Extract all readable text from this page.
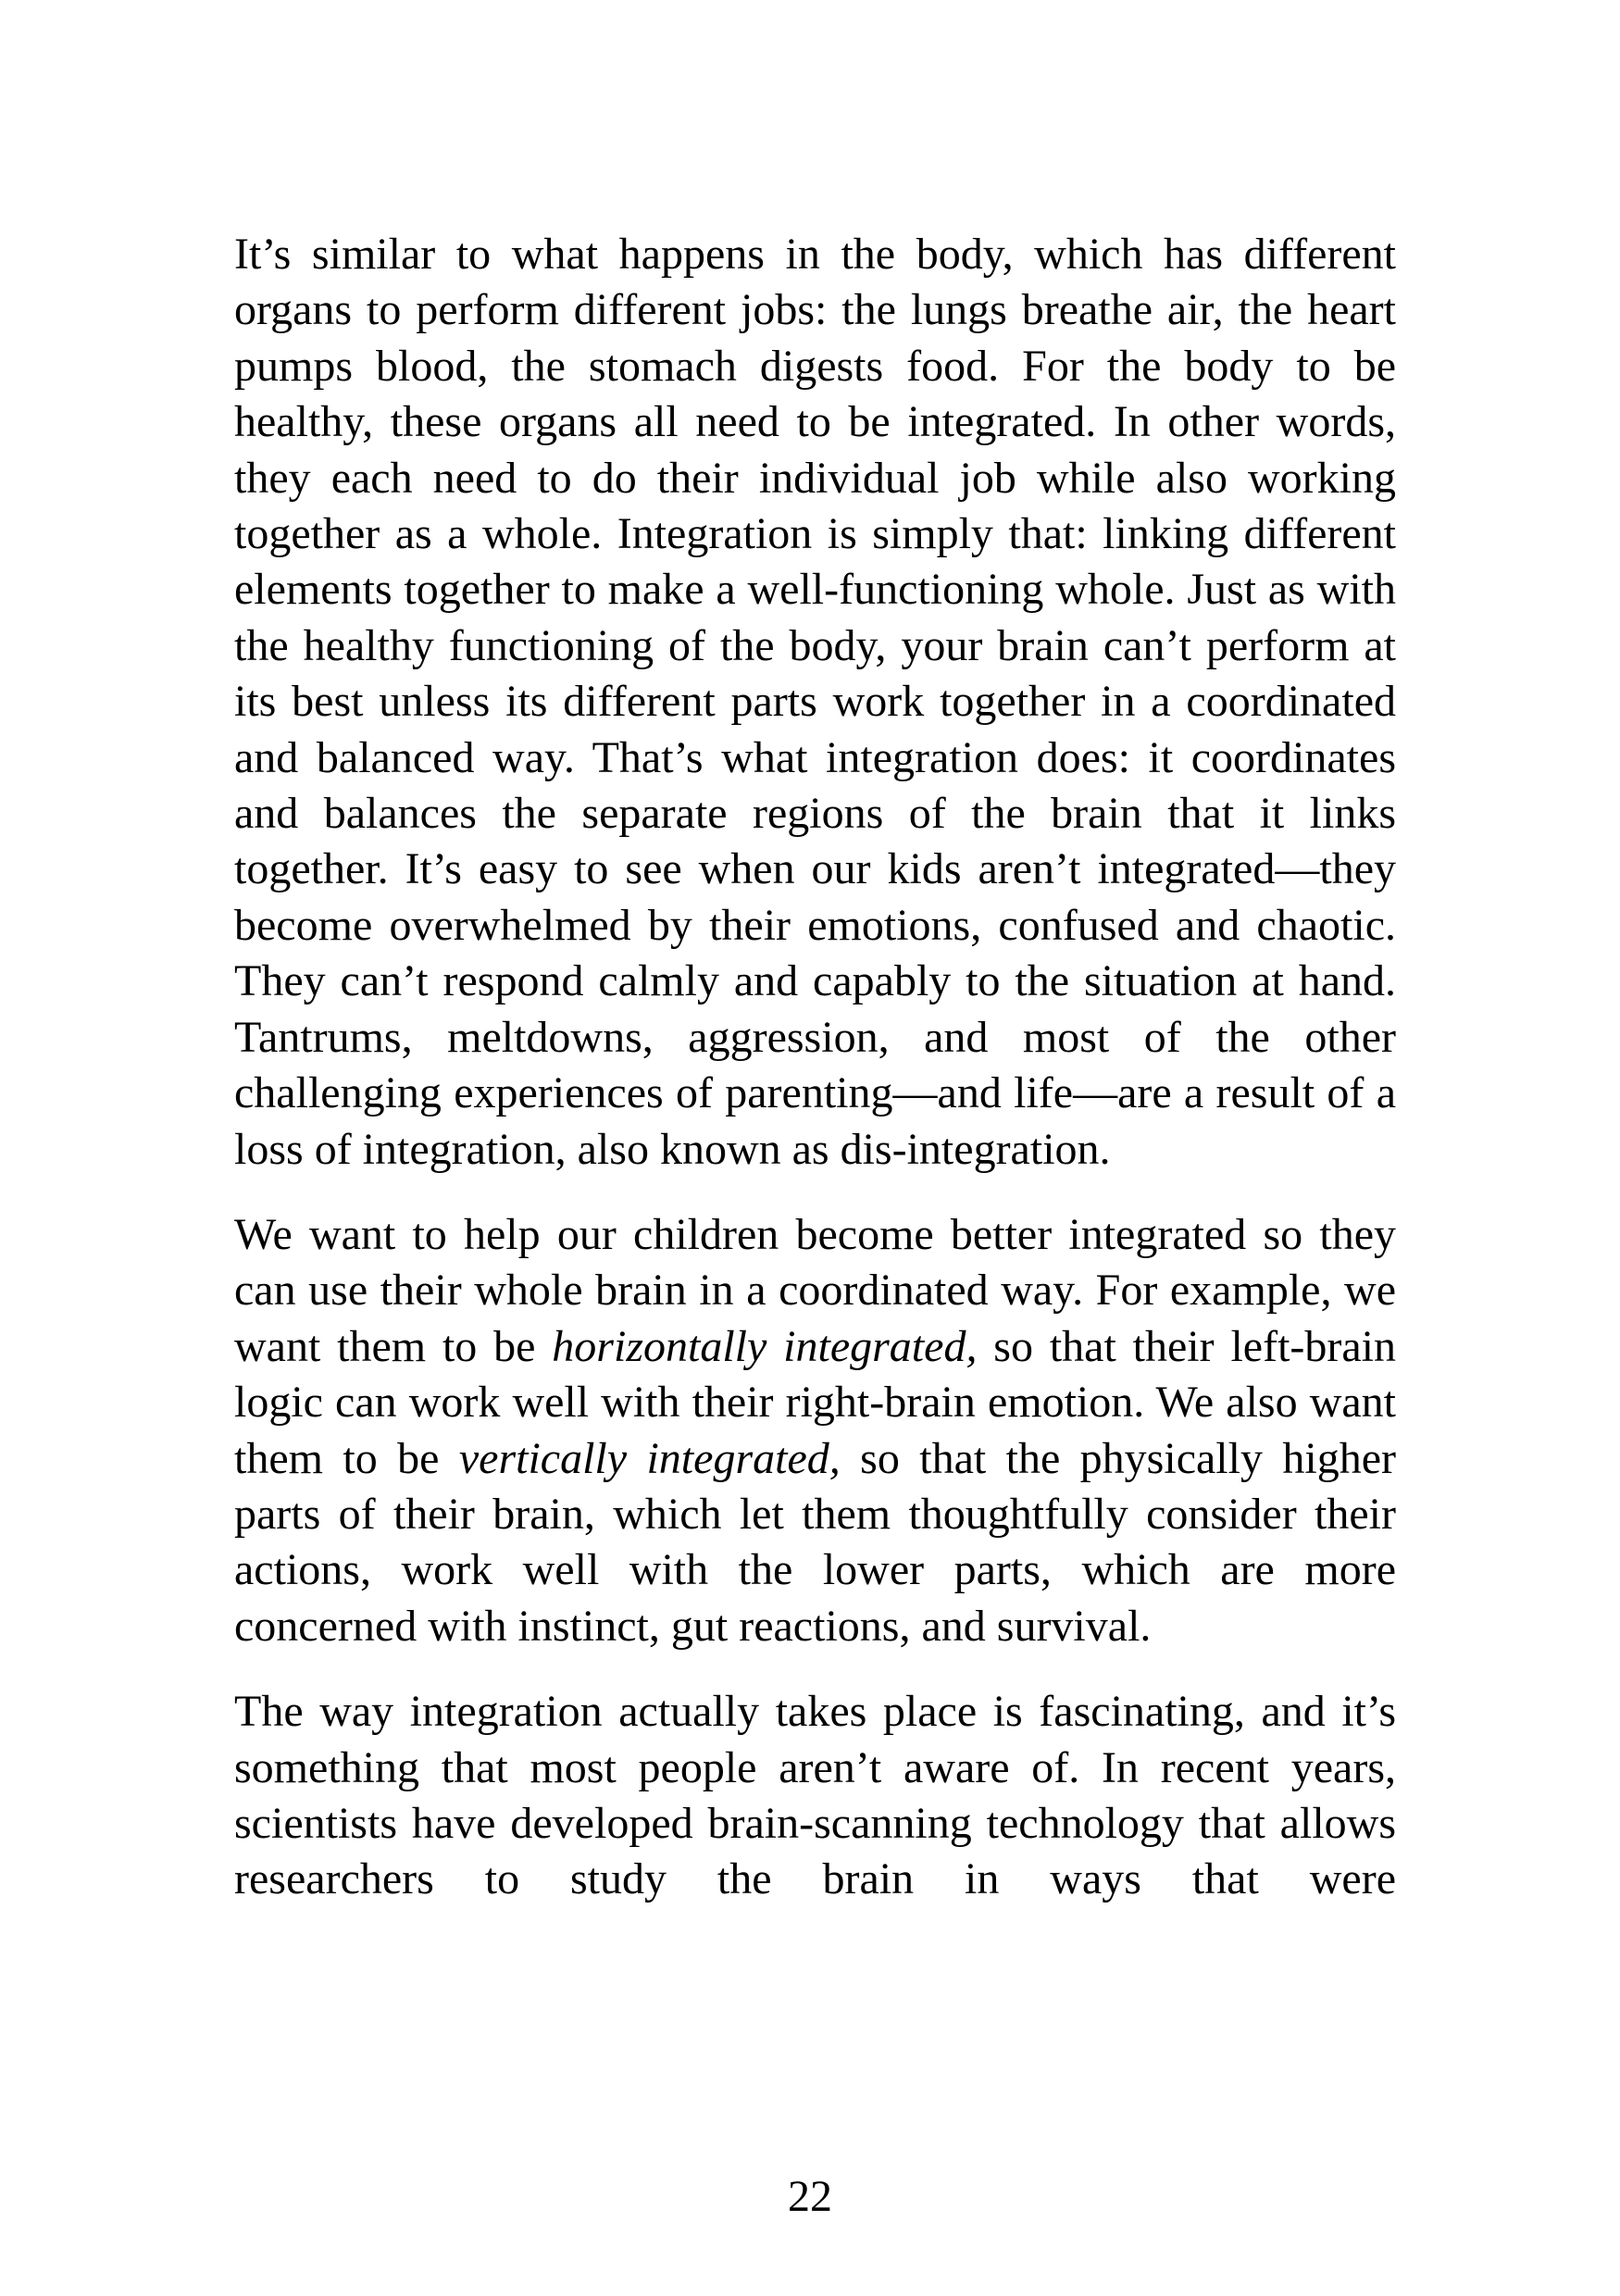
It’s similar to what happens in the body, which has different organs to perform different jobs: the lungs breathe air, the heart pumps blood, the stomach digests food. For the body to be healthy, these organs all need to be integrated. In other words, they each need to do their individual job while also working together as a whole. Integration is simply that: linking different elements together to make a well-functioning whole. Just as with the healthy functioning of the body, your brain can’t perform at its best unless its different parts work together in a coordinated and balanced way. That’s what integration does: it coordinates and balances the separate regions of the brain that it links together. It’s easy to see when our kids aren’t integrated—they become overwhelmed by their emotions, confused and chaotic. They can’t respond calmly and capably to the situation at hand. Tantrums, meltdowns, aggression, and most of the other challenging experiences of parenting—and life—are a result of a loss of integration, also known as dis-integration.

We want to help our children become better integrated so they can use their whole brain in a coordinated way. For example, we want them to be horizontally integrated, so that their left-brain logic can work well with their right-brain emotion. We also want them to be vertically integrated, so that the physically higher parts of their brain, which let them thoughtfully consider their actions, work well with the lower parts, which are more concerned with instinct, gut reactions, and survival.

The way integration actually takes place is fascinating, and it’s something that most people aren’t aware of. In recent years, scientists have developed brain-scanning technology that allows researchers to study the brain in ways that were

22
